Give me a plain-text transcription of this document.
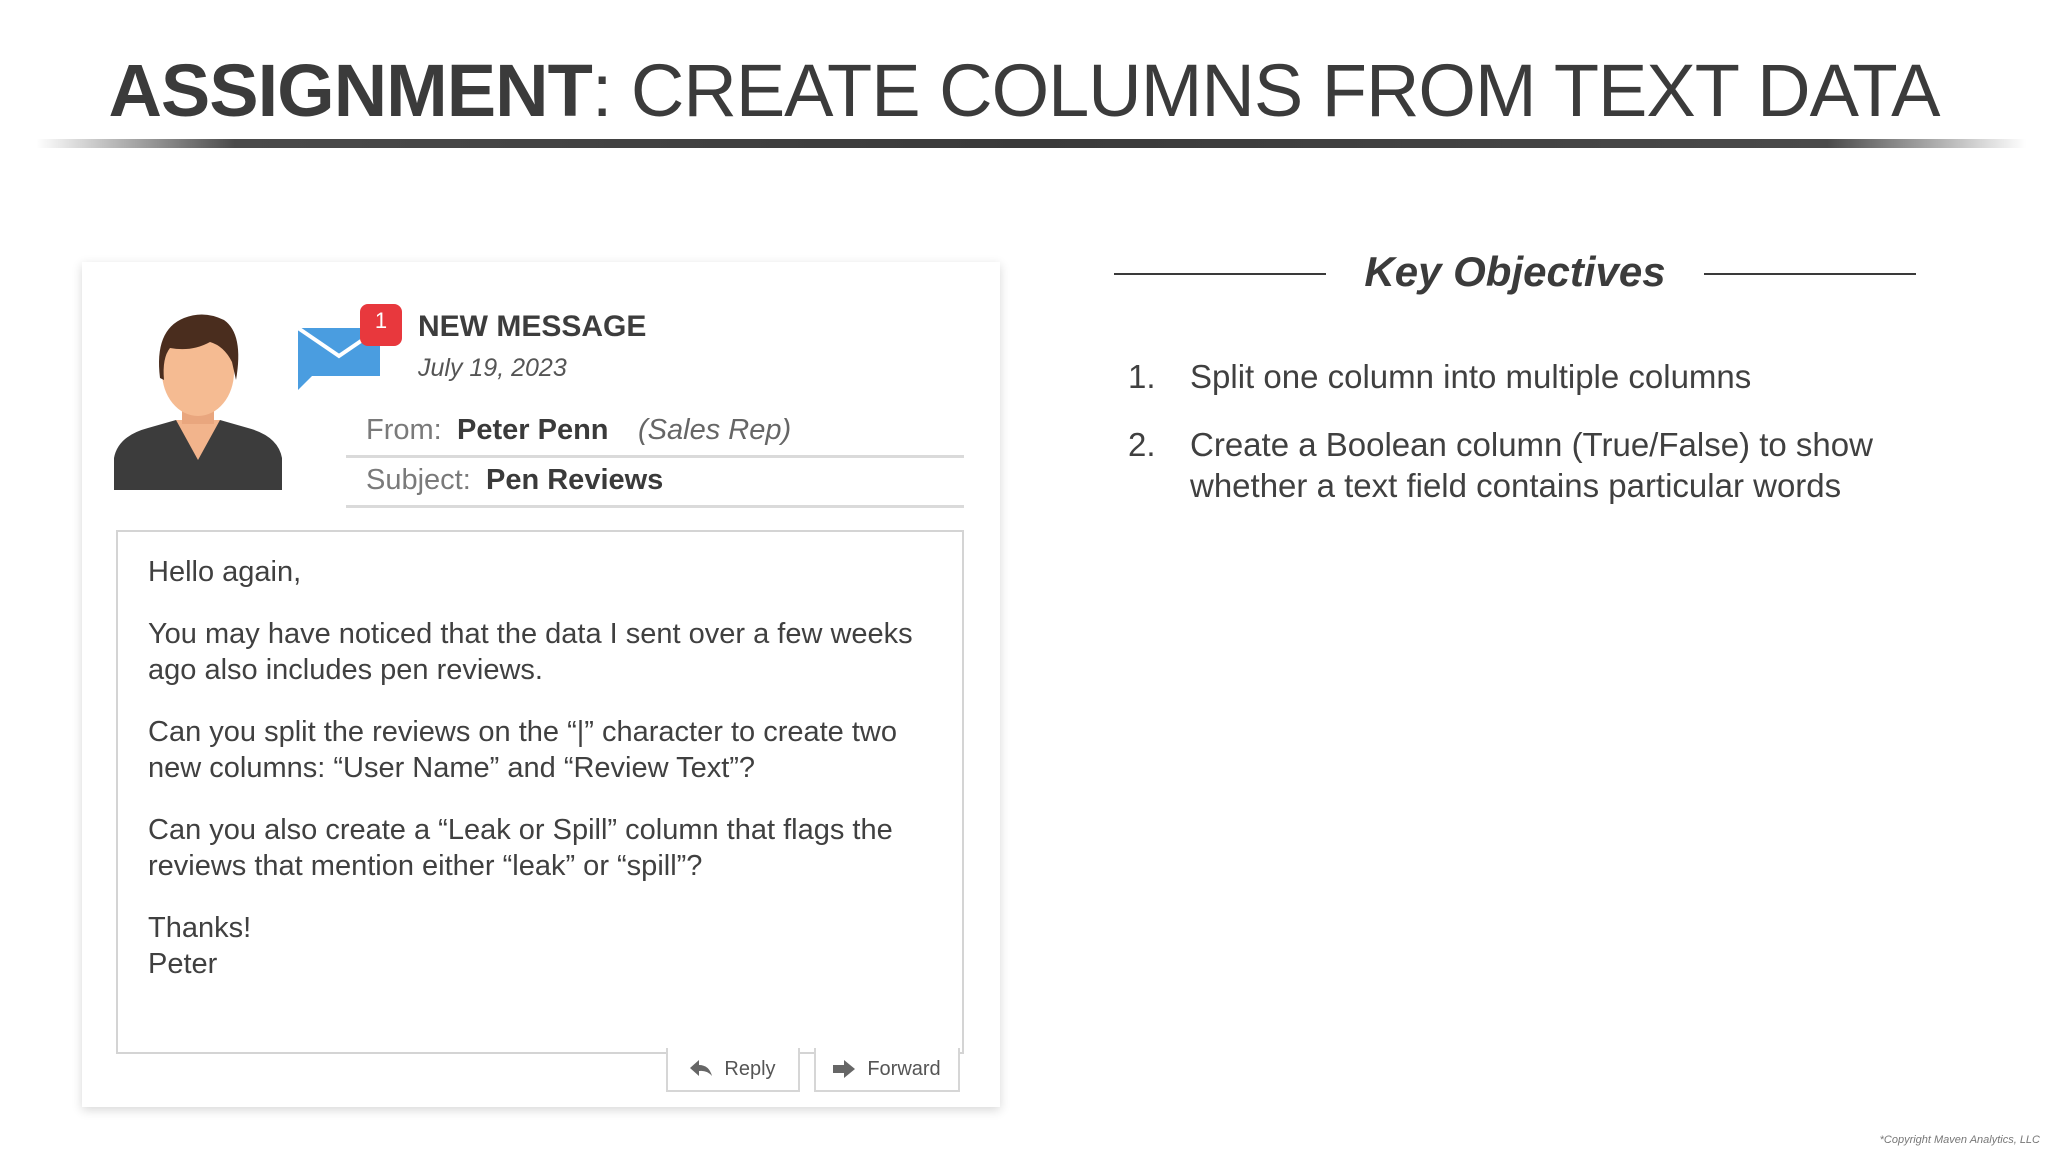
ASSIGNMENT: CREATE COLUMNS FROM TEXT DATA
1	NEW MESSAGE
July 19, 2023
From: Peter Penn (Sales Rep)
Subject: Pen Reviews

Hello again,

You may have noticed that the data I sent over a few weeks ago also includes pen reviews.

Can you split the reviews on the “|” character to create two new columns: “User Name” and “Review Text”?

Can you also create a “Leak or Spill” column that flags the reviews that mention either “leak” or “spill”?

Thanks!

Peter

Reply	Forward
Key Objectives
1. Split one column into multiple columns
2. Create a Boolean column (True/False) to show whether a text field contains particular words
*Copyright Maven Analytics, LLC
